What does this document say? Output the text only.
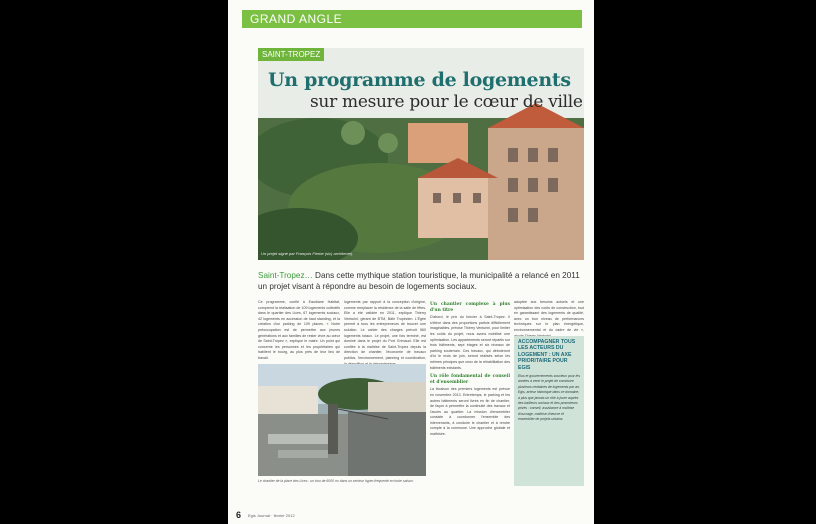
GRAND ANGLE
SAINT-TROPEZ
Un programme de logements
sur mesure pour le cœur de ville
Un projet signé par François Fierbe (sic) architecte).
Saint-Tropez… Dans cette mythique station touristique, la municipalité a relancé en 2011 un projet visant à répondre au besoin de logements sociaux.

Ce programme, confié à Eaudiane Habitat, comprend la réalisation de 109 logements collectifs dans le quartier des Lices, 67 logements sociaux, 42 logements en accession de haut standing, et la création d'un parking de 109 places. « Notre préoccupation est de permettre aux jeunes générations et aux familles de rester vivre au cœur de Saint-Tropez », explique le maire. Un point qui concerne les personnes et les propriétaires qui habitent le bourg, au plus près de leur lieu de travail.

logements par rapport à la conception d'origine, comme remplacer la résidence de la salle de fêtes. Elle a été validée en 2011, explique Thierry Venturini, gérant de BTM, Bâtir Tropézien. L'Égée permet à tous les entrepreneurs de trouver une solution. Le cahier des charges prévoit 560 logements totaux. Le projet, une fois terminé, est dominé dans le projet du Port Grimaud. Elle est confiée à la maîtrise de Saint-Tropez depuis la direction de chantier, l'économie de travaux publics, l'environnement, planning et coordination,

Un chantier complexe à plus d'un titre

D'abord, le prix du foncier à Saint-Tropez. Il s'élève dans des proportions parfois difficilement imaginables, précise Thierry Venturini, pour limiter les coûts du projet, nous avons mobilisé une optimisation. Les appartements seront répartis sur trois bâtiments, sept étages et six niveaux de parking souterrain. Ces travaux, qui débuteront d'ici le mois de juin, seront réalisés selon les mêmes principes que ceux de la réhabilitation des bâtiments existants.

Un rôle fondamental de conseil et d'ensemblier

La livraison des premiers logements est prévue en novembre 2013. Entretemps, le parking et les autres bâtiments seront livrés en fin de chantier, de façon à permettre la continuité des travaux et l'accès au quartier. La mission d'ensemblier consiste à coordonner l'ensemble des intervenants, à conduire le chantier et à rendre compte à la commune. Une approche globale et maîtrisée.

adoptée aux besoins actuels et une optimisation des coûts de construction, tout en garantissant des logements de qualité, avec un bon niveau de performances techniques sur le plan énergétique, environnemental et du cadre de vie »,

Le chantier de la place des Lices : un trou de 6000 m² dans un secteur hyper-fréquenté en toute saison.
ACCOMPAGNER TOUS LES ACTEURS DU LOGEMENT : UN AXE PRIORITAIRE POUR EGIS
Elus et gouvernements soucieux pour les années à venir le projet de construire plusieurs centaines de logements par an. Egis, acteur historique dans ce domaine, a plus que jamais un rôle à jouer auprès des bailleurs sociaux et des promoteurs privés : conseil, assistance à maîtrise d'ouvrage, maîtrise d'œuvre et ensemblier de projets urbains.
6 Egis Journal · février 2012
